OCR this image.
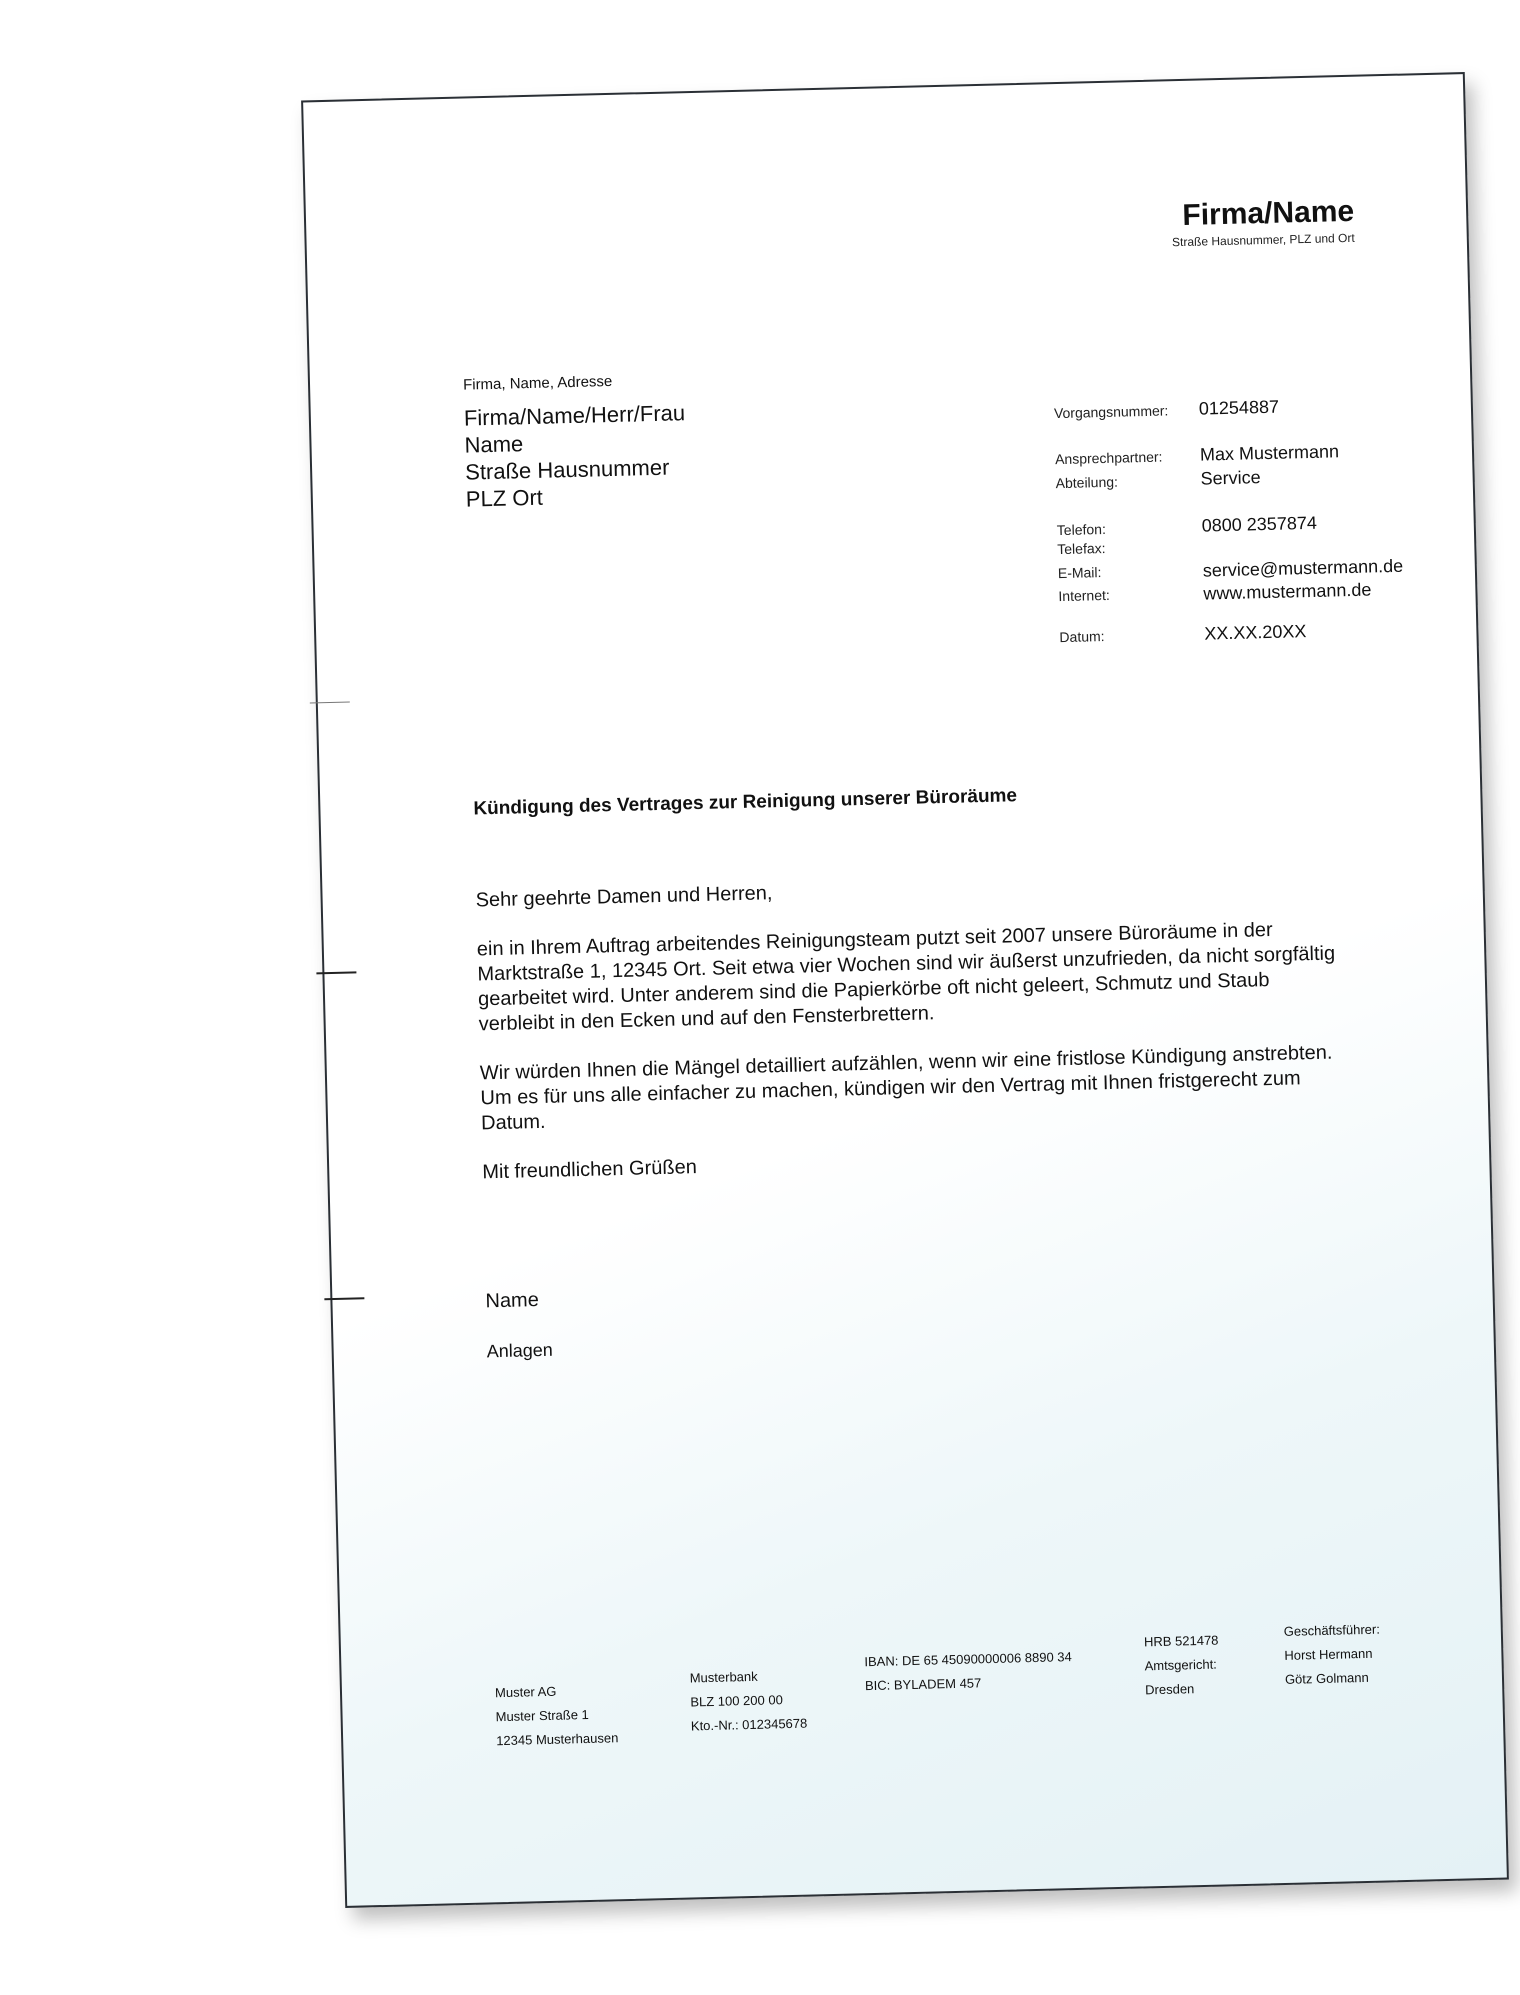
Firma/Name
Straße Hausnummer, PLZ und Ort
Firma, Name, Adresse
Firma/Name/Herr/Frau
Name
Straße Hausnummer
PLZ Ort
Vorgangsnummer: 01254887
Ansprechpartner: Max Mustermann
Abteilung:	Service
Telefon:	0800 2357874
Telefax:
E-Mail:	service@mustermann.de
Internet:	www.mustermann.de
Datum:	XX.XX.20XX
Kündigung des Vertrages zur Reinigung unserer Büroräume

Sehr geehrte Damen und Herren,

ein in Ihrem Auftrag arbeitendes Reinigungsteam putzt seit 2007 unsere Büroräume in der Marktstraße 1, 12345 Ort. Seit etwa vier Wochen sind wir äußerst unzufrieden, da nicht sorgfältig gearbeitet wird. Unter anderem sind die Papierkörbe oft nicht geleert, Schmutz und Staub verbleibt in den Ecken und auf den Fensterbrettern.

Wir würden Ihnen die Mängel detailliert aufzählen, wenn wir eine fristlose Kündigung anstrebten. Um es für uns alle einfacher zu machen, kündigen wir den Vertrag mit Ihnen fristgerecht zum Datum.

Mit freundlichen Grüßen

Name
Anlagen
Muster AG
Muster Straße 1
12345 Musterhausen
Musterbank
BLZ 100 200 00
Kto.-Nr.: 012345678
IBAN: DE 65 45090000006 8890 34
BIC: BYLADEM 457
HRB 521478
Amtsgericht:
Dresden
Geschäftsführer:
Horst Hermann
Götz Golmann
